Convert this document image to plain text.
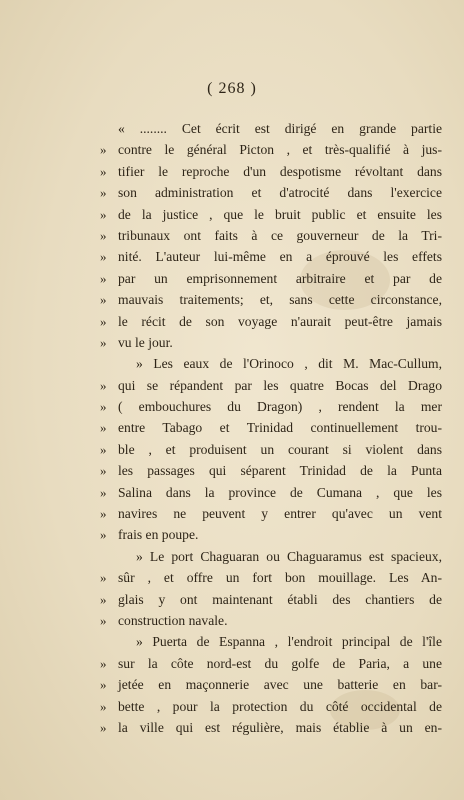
( 268 )
« ........ Cet écrit est dirigé en grande partie
» contre le général Picton , et très-qualifié à jus-
» tifier le reproche d'un despotisme révoltant dans
» son administration et d'atrocité dans l'exercice
» de la justice , que le bruit public et ensuite les
» tribunaux ont faits à ce gouverneur de la Tri-
» nité. L'auteur lui-même en a éprouvé les effets
» par un emprisonnement arbitraire et par de
» mauvais traitements; et, sans cette circonstance,
» le récit de son voyage n'aurait peut-être jamais
» vu le jour.
» Les eaux de l'Orinoco , dit M. Mac-Cullum,
» qui se répandent par les quatre Bocas del Drago
» ( embouchures du Dragon) , rendent la mer
» entre Tabago et Trinidad continuellement trou-
» ble , et produisent un courant si violent dans
» les passages qui séparent Trinidad de la Punta
» Salina dans la province de Cumana , que les
» navires ne peuvent y entrer qu'avec un vent
» frais en poupe.
» Le port Chaguaran ou Chaguaramus est spacieux,
» sûr , et offre un fort bon mouillage. Les An-
» glais y ont maintenant établi des chantiers de
» construction navale.
» Puerta de Espanna , l'endroit principal de l'île
» sur la côte nord-est du golfe de Paria, a une
» jetée en maçonnerie avec une batterie en bar-
» bette , pour la protection du côté occidental de
» la ville qui est régulière, mais établie à un en-
